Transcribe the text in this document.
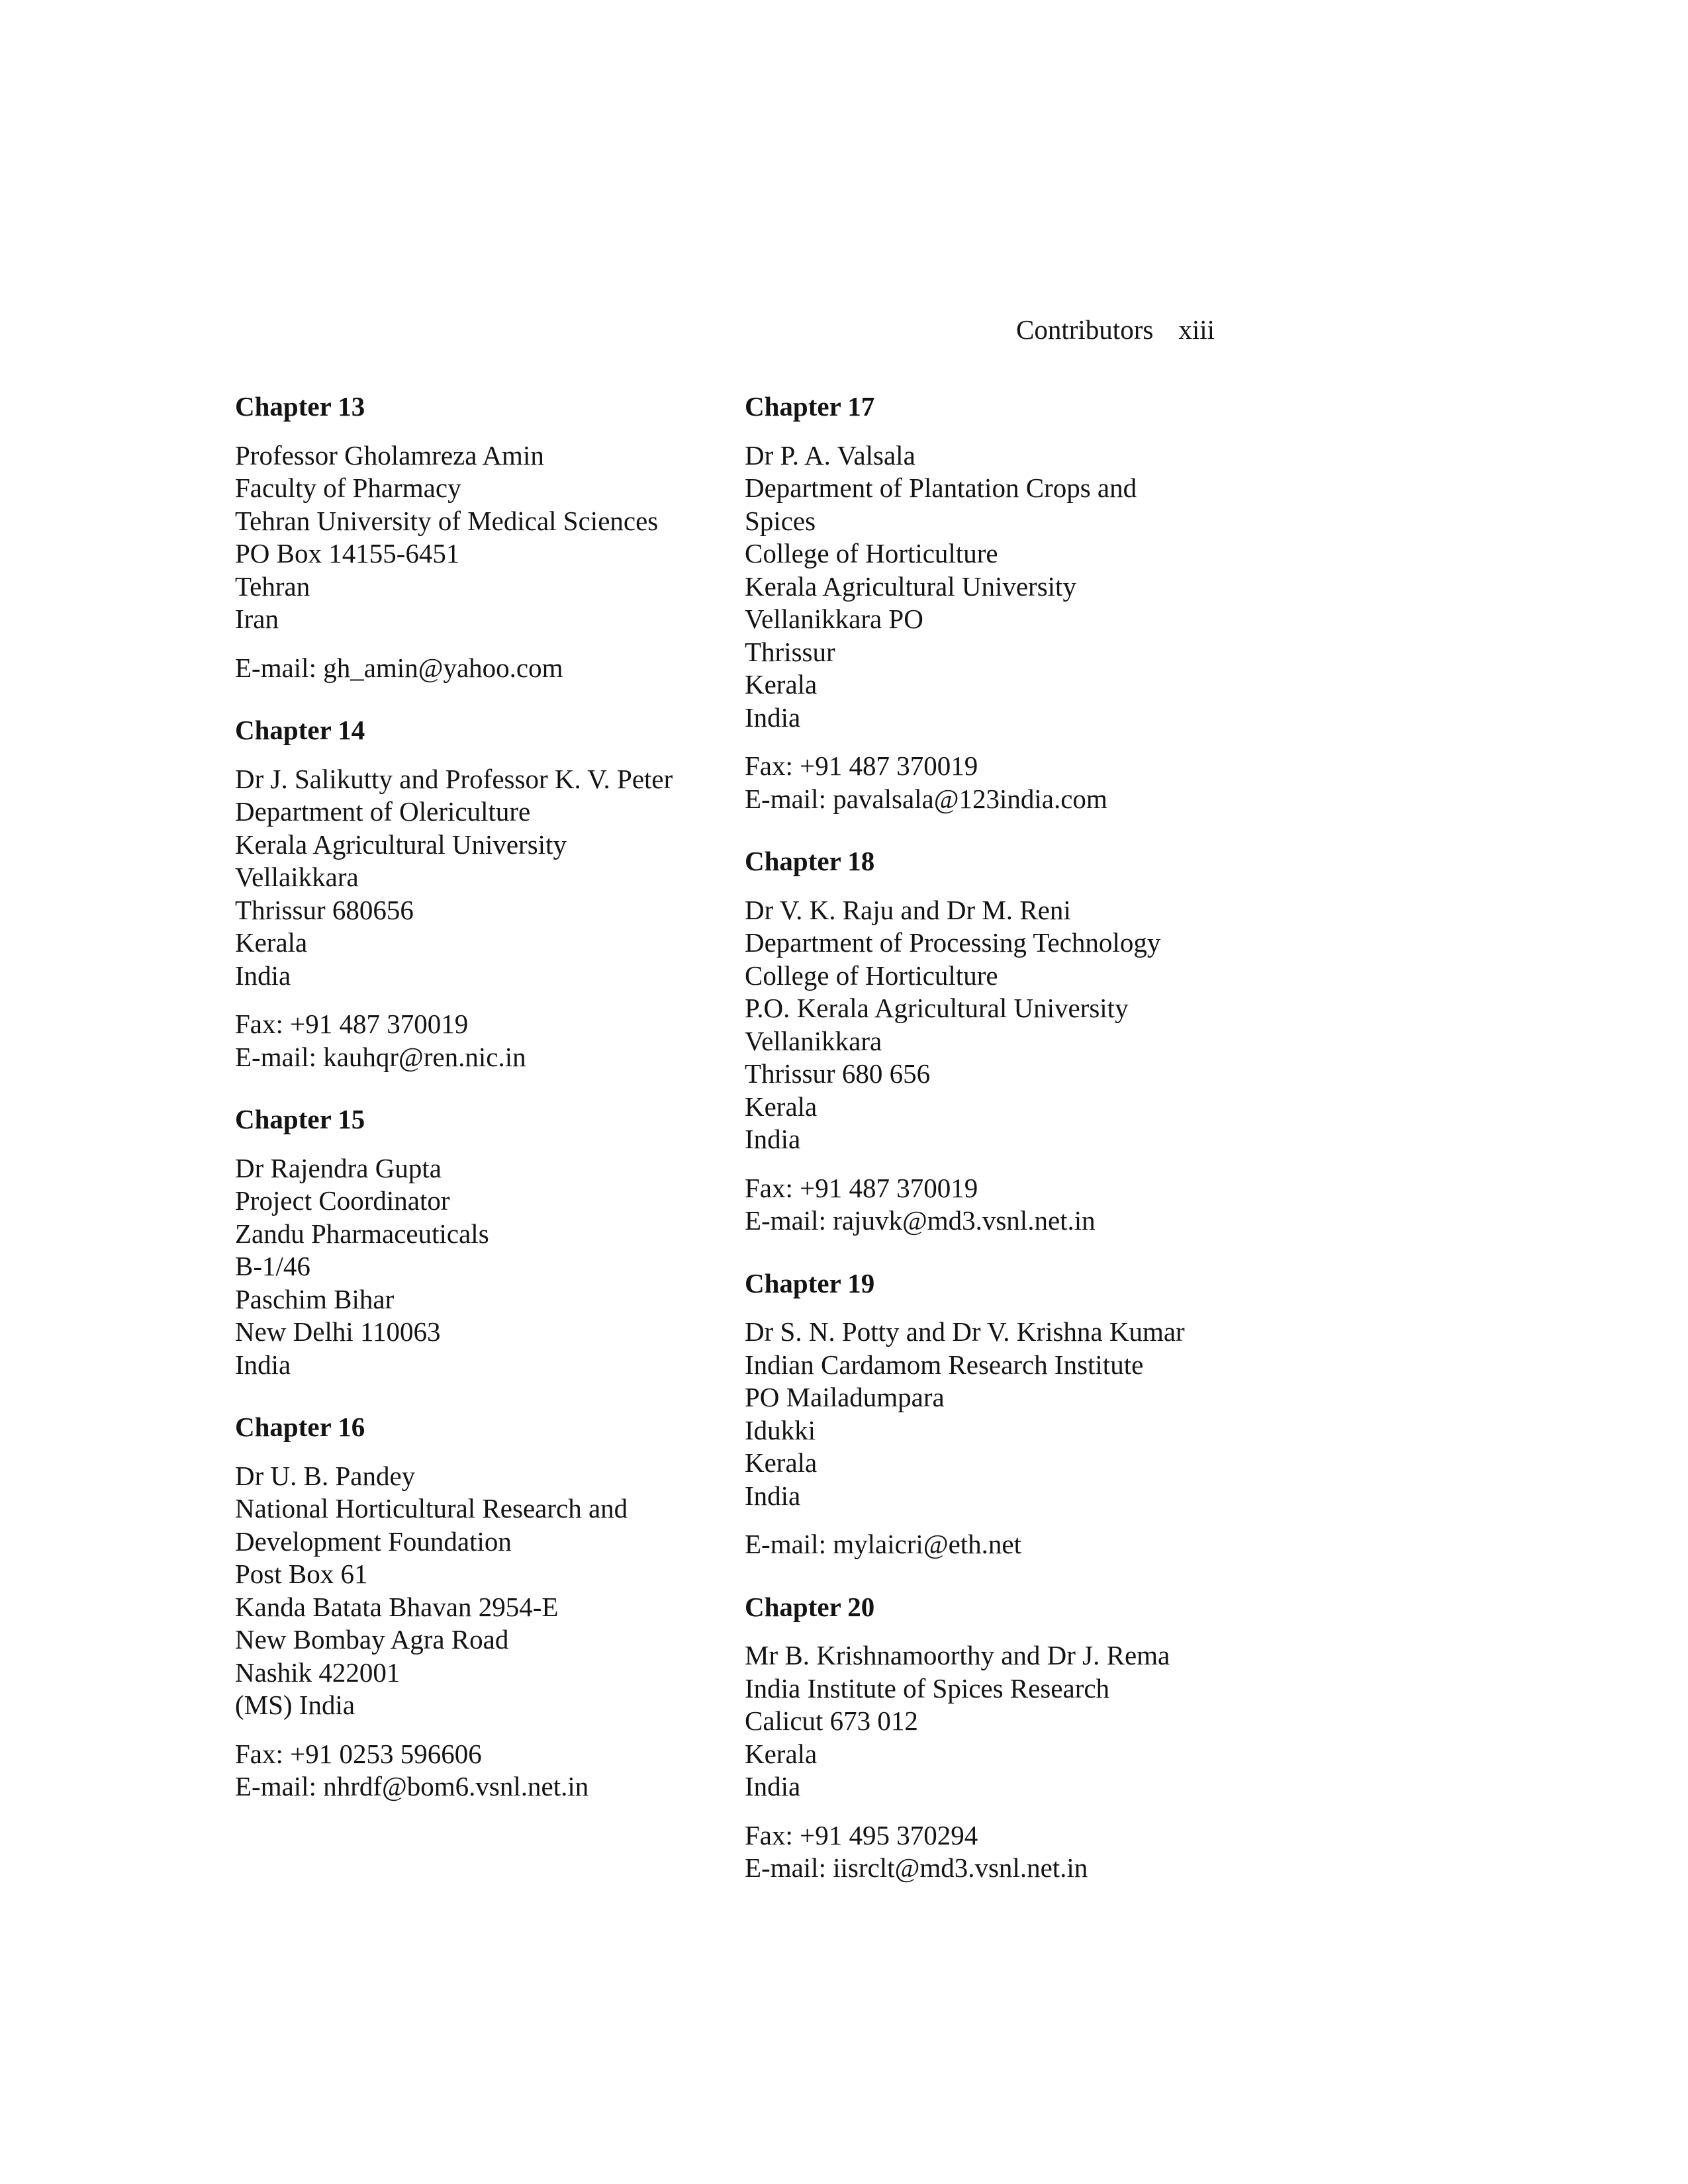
Contributors xiii
Chapter 13
Professor Gholamreza Amin
Faculty of Pharmacy
Tehran University of Medical Sciences
PO Box 14155-6451
Tehran
Iran
E-mail: gh_amin@yahoo.com
Chapter 14
Dr J. Salikutty and Professor K. V. Peter
Department of Olericulture
Kerala Agricultural University
Vellaikkara
Thrissur 680656
Kerala
India
Fax: +91 487 370019
E-mail: kauhqr@ren.nic.in
Chapter 15
Dr Rajendra Gupta
Project Coordinator
Zandu Pharmaceuticals
B-1/46
Paschim Bihar
New Delhi 110063
India
Chapter 16
Dr U. B. Pandey
National Horticultural Research and
Development Foundation
Post Box 61
Kanda Batata Bhavan 2954-E
New Bombay Agra Road
Nashik 422001
(MS) India
Fax: +91 0253 596606
E-mail: nhrdf@bom6.vsnl.net.in
Chapter 17
Dr P. A. Valsala
Department of Plantation Crops and
Spices
College of Horticulture
Kerala Agricultural University
Vellanikkara PO
Thrissur
Kerala
India
Fax: +91 487 370019
E-mail: pavalsala@123india.com
Chapter 18
Dr V. K. Raju and Dr M. Reni
Department of Processing Technology
College of Horticulture
P.O. Kerala Agricultural University
Vellanikkara
Thrissur 680 656
Kerala
India
Fax: +91 487 370019
E-mail: rajuvk@md3.vsnl.net.in
Chapter 19
Dr S. N. Potty and Dr V. Krishna Kumar
Indian Cardamom Research Institute
PO Mailadumpara
Idukki
Kerala
India
E-mail: mylaicri@eth.net
Chapter 20
Mr B. Krishnamoorthy and Dr J. Rema
India Institute of Spices Research
Calicut 673 012
Kerala
India
Fax: +91 495 370294
E-mail: iisrclt@md3.vsnl.net.in
